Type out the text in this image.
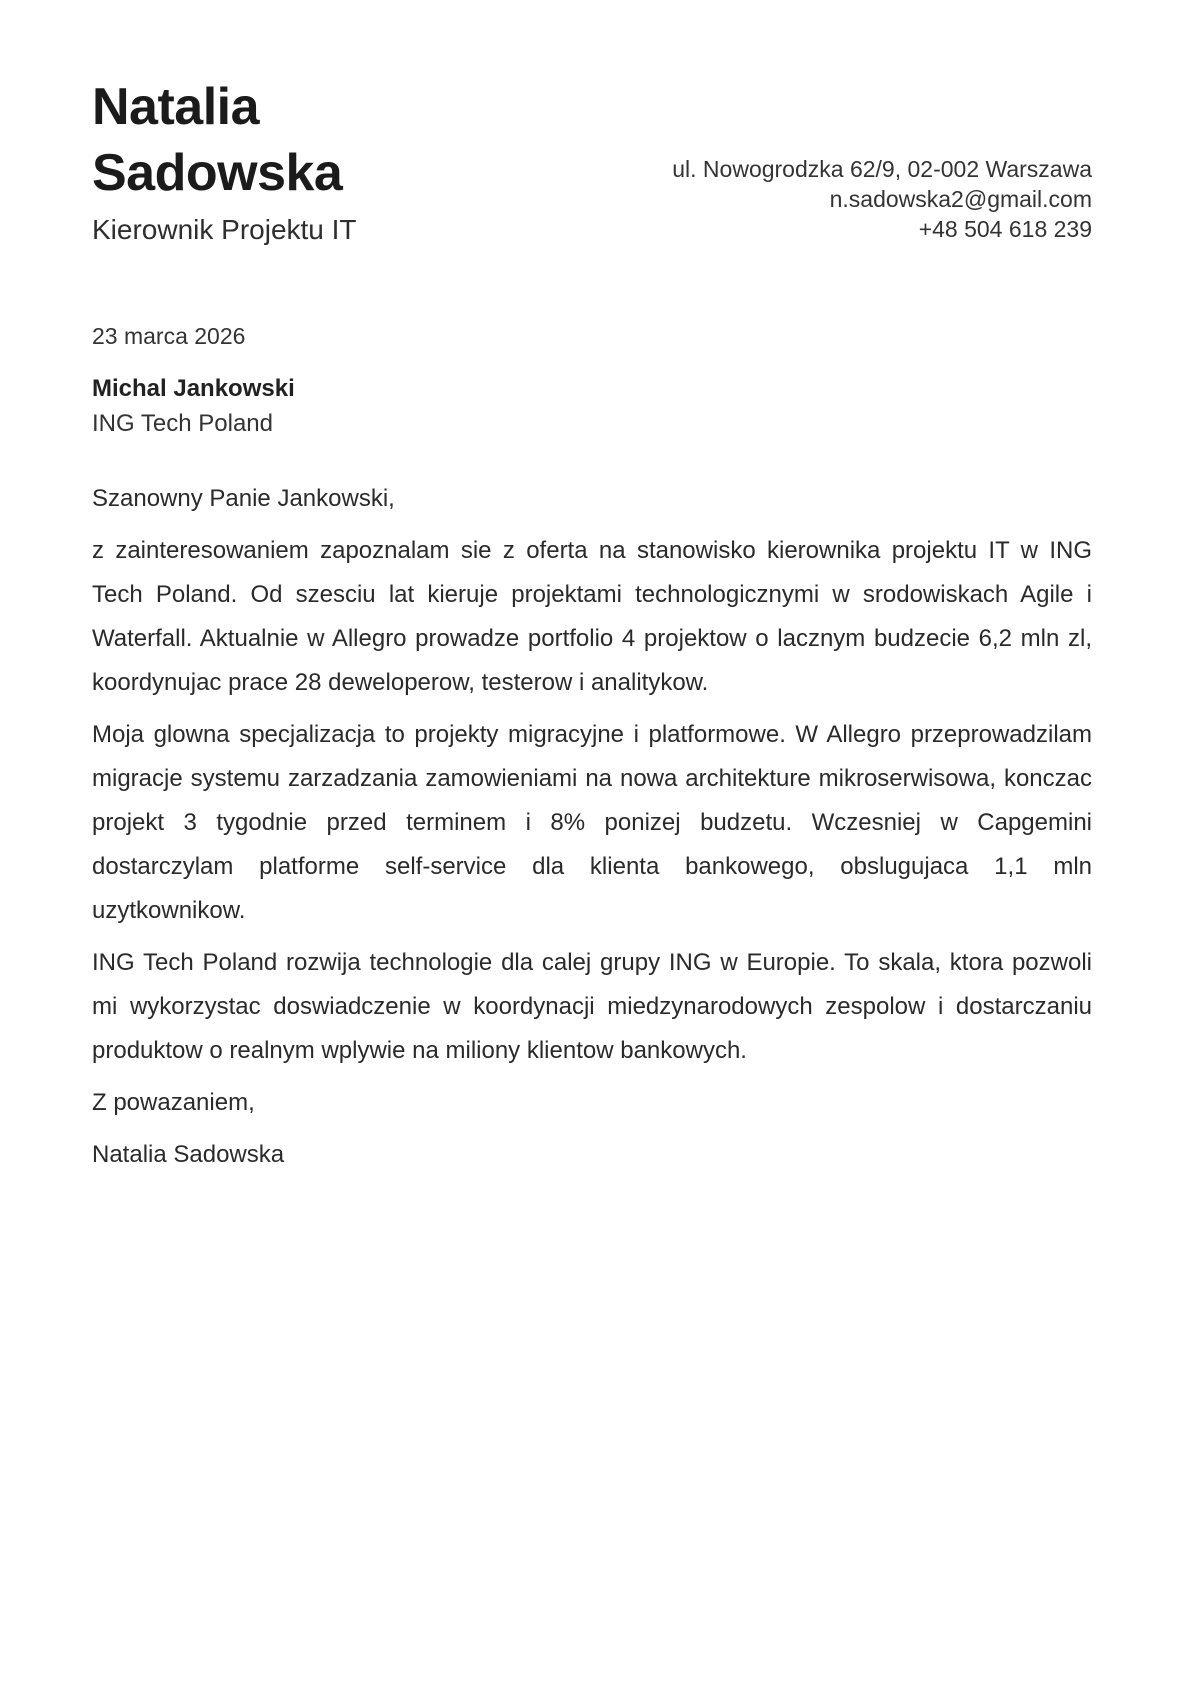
Natalia
Sadowska
Kierownik Projektu IT
ul. Nowogrodzka 62/9, 02-002 Warszawa
n.sadowska2@gmail.com
+48 504 618 239
23 marca 2026
Michal Jankowski
ING Tech Poland
Szanowny Panie Jankowski,

z zainteresowaniem zapoznalam sie z oferta na stanowisko kierownika projektu IT w ING Tech Poland. Od szesciu lat kieruje projektami technologicznymi w srodowiskach Agile i Waterfall. Aktualnie w Allegro prowadze portfolio 4 projektow o lacznym budzecie 6,2 mln zl, koordynujac prace 28 deweloperow, testerow i analitykow.

Moja glowna specjalizacja to projekty migracyjne i platformowe. W Allegro przeprowadzilam migracje systemu zarzadzania zamowieniami na nowa architekture mikroserwisowa, konczac projekt 3 tygodnie przed terminem i 8% ponizej budzetu. Wczesniej w Capgemini dostarczylam platforme self-service dla klienta bankowego, obslugujaca 1,1 mln uzytkownikow.

ING Tech Poland rozwija technologie dla calej grupy ING w Europie. To skala, ktora pozwoli mi wykorzystac doswiadczenie w koordynacji miedzynarodowych zespolow i dostarczaniu produktow o realnym wplywie na miliony klientow bankowych.

Z powazaniem,
Natalia Sadowska
